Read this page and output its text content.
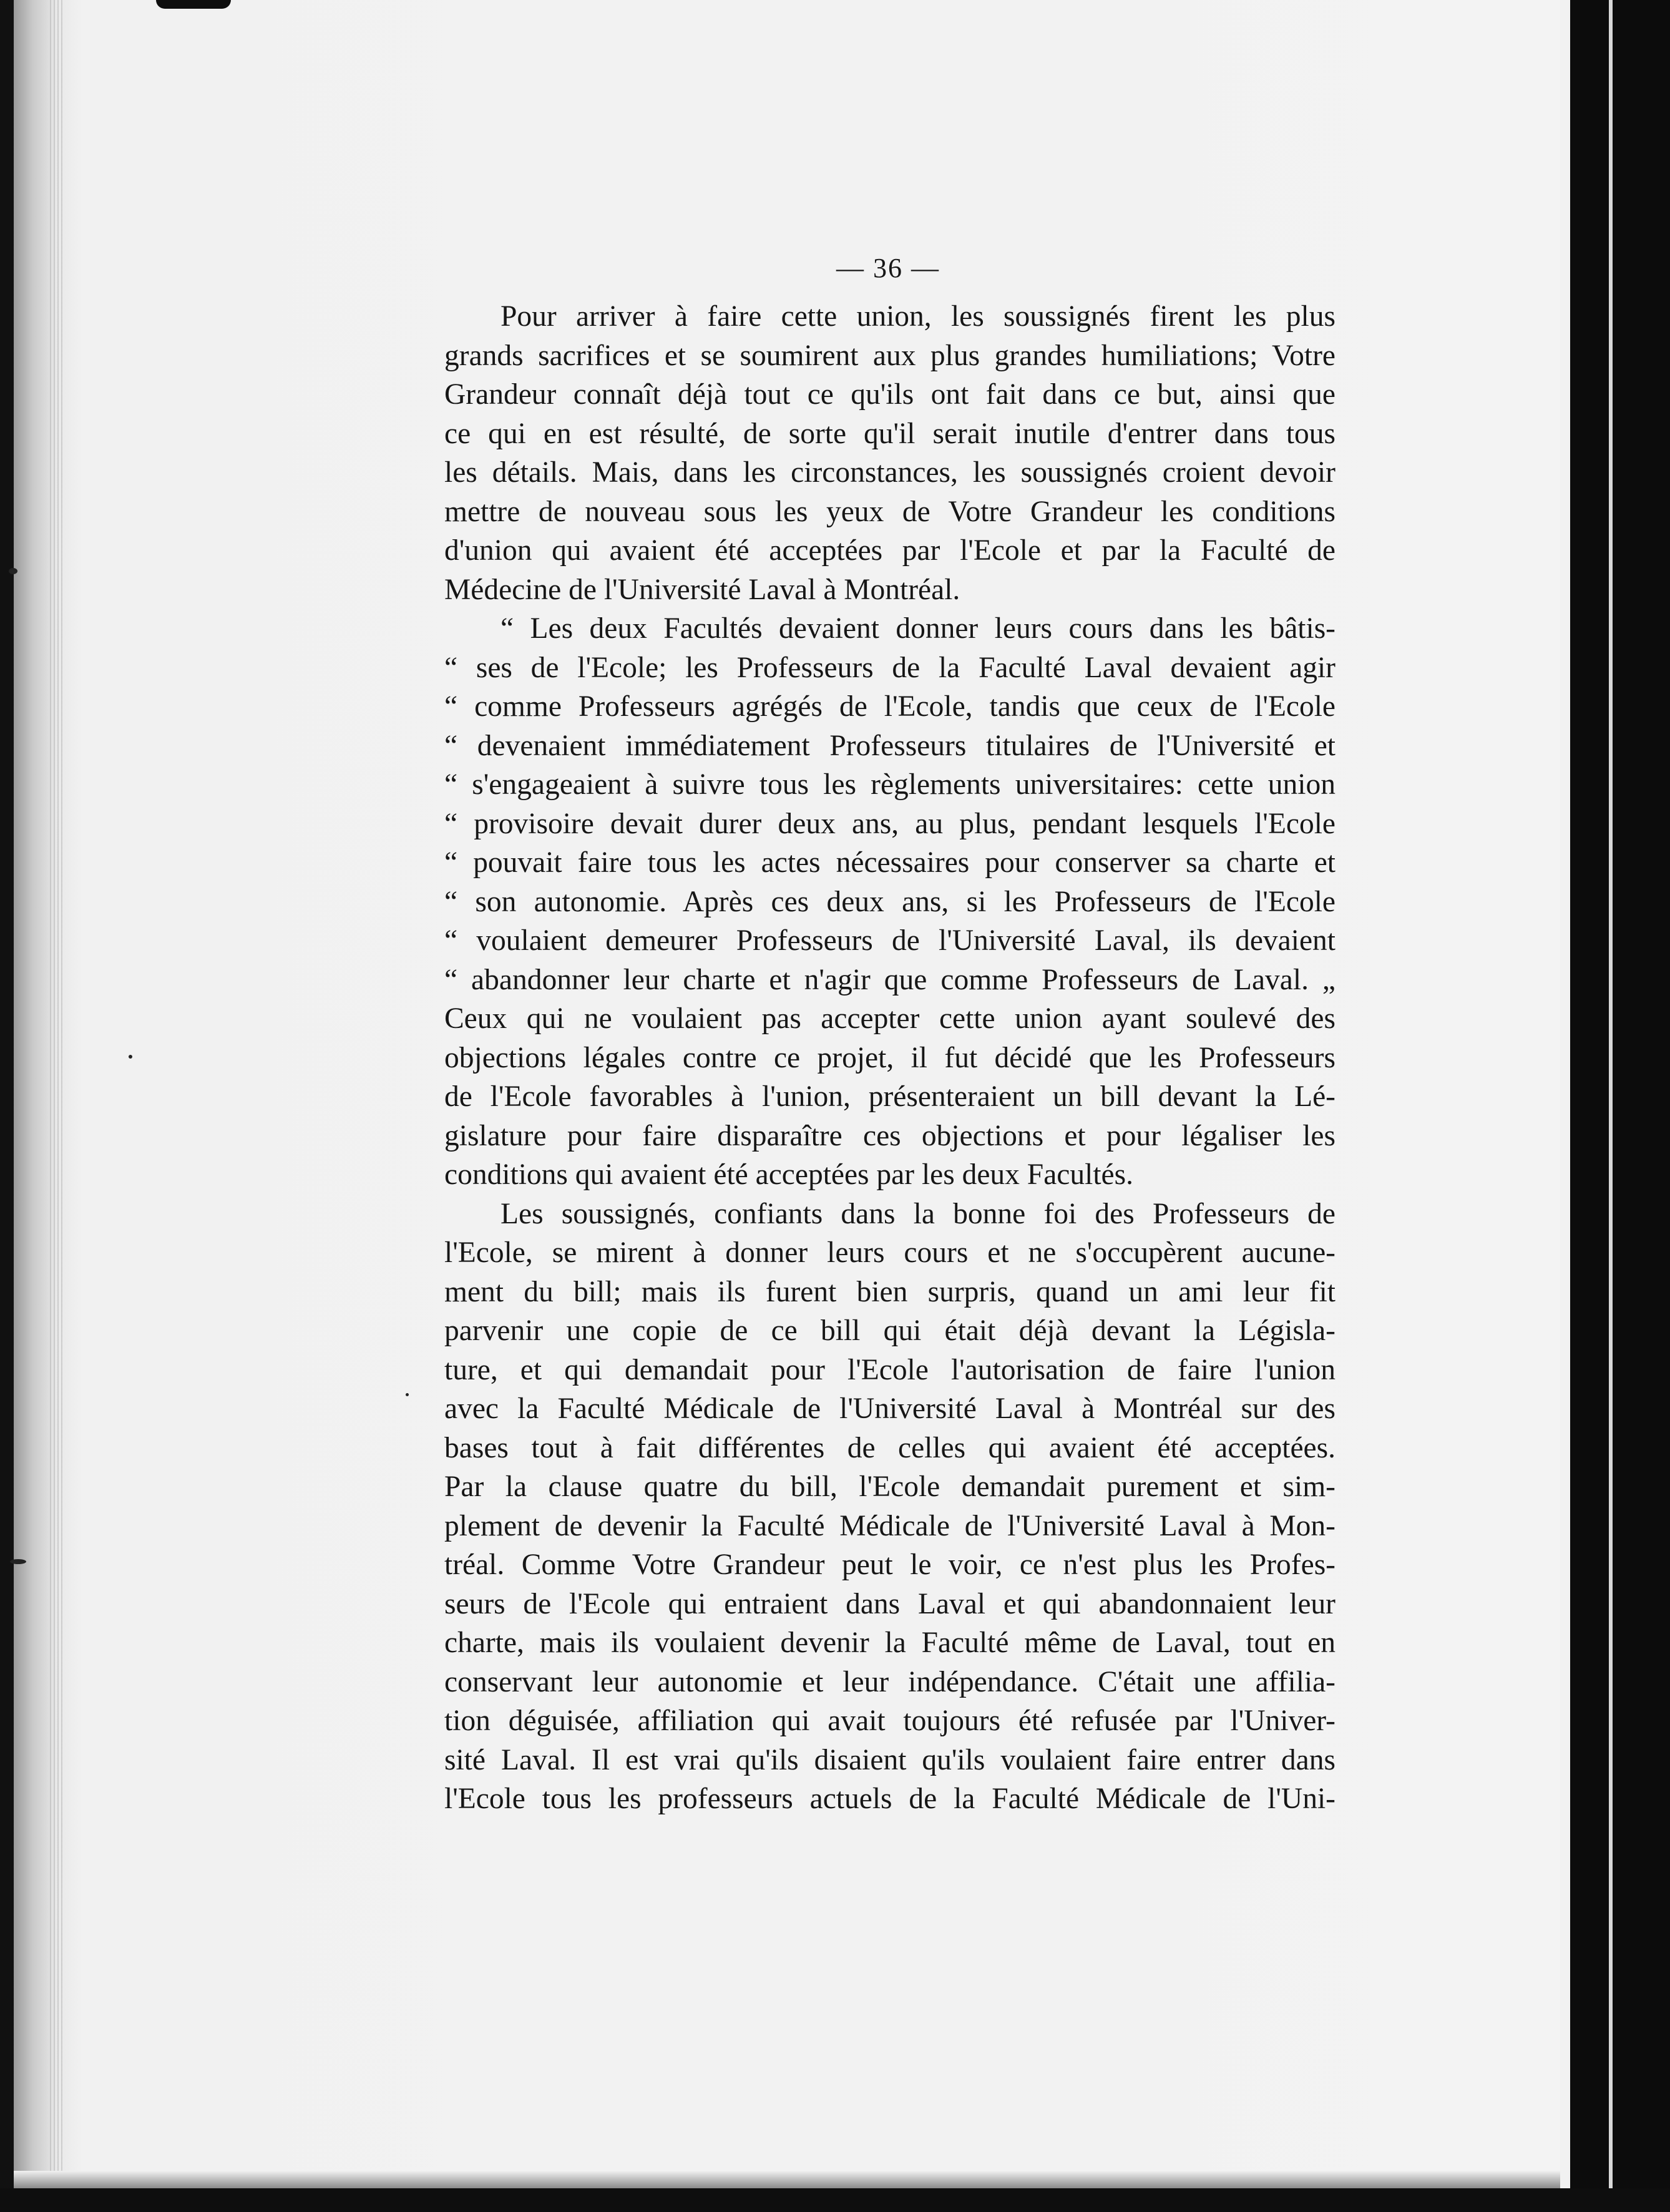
— 36 —
Pour arriver à faire cette union, les soussignés firent les plus
grands sacrifices et se soumirent aux plus grandes humiliations; Votre
Grandeur connaît déjà tout ce qu'ils ont fait dans ce but, ainsi que
ce qui en est résulté, de sorte qu'il serait inutile d'entrer dans tous
les détails. Mais, dans les circonstances, les soussignés croient devoir
mettre de nouveau sous les yeux de Votre Grandeur les conditions
d'union qui avaient été acceptées par l'Ecole et par la Faculté de
Médecine de l'Université Laval à Montréal.
“ Les deux Facultés devaient donner leurs cours dans les bâtis-
“ ses de l'Ecole; les Professeurs de la Faculté Laval devaient agir
“ comme Professeurs agrégés de l'Ecole, tandis que ceux de l'Ecole
“ devenaient immédiatement Professeurs titulaires de l'Université et
“ s'engageaient à suivre tous les règlements universitaires: cette union
“ provisoire devait durer deux ans, au plus, pendant lesquels l'Ecole
“ pouvait faire tous les actes nécessaires pour conserver sa charte et
“ son autonomie. Après ces deux ans, si les Professeurs de l'Ecole
“ voulaient demeurer Professeurs de l'Université Laval, ils devaient
“ abandonner leur charte et n'agir que comme Professeurs de Laval. „
Ceux qui ne voulaient pas accepter cette union ayant soulevé des
objections légales contre ce projet, il fut décidé que les Professeurs
de l'Ecole favorables à l'union, présenteraient un bill devant la Lé-
gislature pour faire disparaître ces objections et pour légaliser les
conditions qui avaient été acceptées par les deux Facultés.
Les soussignés, confiants dans la bonne foi des Professeurs de
l'Ecole, se mirent à donner leurs cours et ne s'occupèrent aucune-
ment du bill; mais ils furent bien surpris, quand un ami leur fit
parvenir une copie de ce bill qui était déjà devant la Législa-
ture, et qui demandait pour l'Ecole l'autorisation de faire l'union
avec la Faculté Médicale de l'Université Laval à Montréal sur des
bases tout à fait différentes de celles qui avaient été acceptées.
Par la clause quatre du bill, l'Ecole demandait purement et sim-
plement de devenir la Faculté Médicale de l'Université Laval à Mon-
tréal. Comme Votre Grandeur peut le voir, ce n'est plus les Profes-
seurs de l'Ecole qui entraient dans Laval et qui abandonnaient leur
charte, mais ils voulaient devenir la Faculté même de Laval, tout en
conservant leur autonomie et leur indépendance. C'était une affilia-
tion déguisée, affiliation qui avait toujours été refusée par l'Univer-
sité Laval. Il est vrai qu'ils disaient qu'ils voulaient faire entrer dans
l'Ecole tous les professeurs actuels de la Faculté Médicale de l'Uni-
